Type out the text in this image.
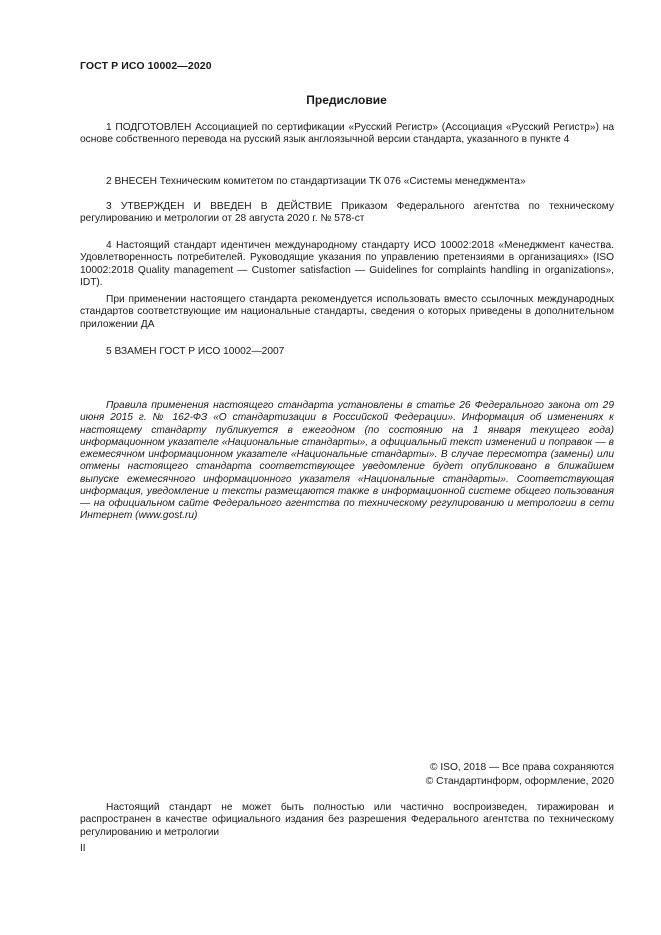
ГОСТ Р ИСО 10002—2020
Предисловие

1 ПОДГОТОВЛЕН Ассоциацией по сертификации «Русский Регистр» (Ассоциация «Русский Регистр») на основе собственного перевода на русский язык англоязычной версии стандарта, указанного в пункте 4

2 ВНЕСЕН Техническим комитетом по стандартизации ТК 076 «Системы менеджмента»

3 УТВЕРЖДЕН И ВВЕДЕН В ДЕЙСТВИЕ Приказом Федерального агентства по техническому регулированию и метрологии от 28 августа 2020 г. № 578-ст

4 Настоящий стандарт идентичен международному стандарту ИСО 10002:2018 «Менеджмент качества. Удовлетворенность потребителей. Руководящие указания по управлению претензиями в организациях» (ISO 10002:2018 Quality management — Customer satisfaction — Guidelines for complaints handling in organizations», IDT).

При применении настоящего стандарта рекомендуется использовать вместо ссылочных международных стандартов соответствующие им национальные стандарты, сведения о которых приведены в дополнительном приложении ДА

5 ВЗАМЕН ГОСТ Р ИСО 10002—2007

Правила применения настоящего стандарта установлены в статье 26 Федерального закона от 29 июня 2015 г. № 162-ФЗ «О стандартизации в Российской Федерации». Информация об изменениях к настоящему стандарту публикуется в ежегодном (по состоянию на 1 января текущего года) информационном указателе «Национальные стандарты», а официальный текст изменений и поправок — в ежемесячном информационном указателе «Национальные стандарты». В случае пересмотра (замены) или отмены настоящего стандарта соответствующее уведомление будет опубликовано в ближайшем выпуске ежемесячного информационного указателя «Национальные стандарты». Соответствующая информация, уведомление и тексты размещаются также в информационной системе общего пользования — на официальном сайте Федерального агентства по техническому регулированию и метрологии в сети Интернет (www.gost.ru)

© ISO, 2018 — Все права сохраняются
© Стандартинформ, оформление, 2020

Настоящий стандарт не может быть полностью или частично воспроизведен, тиражирован и распространен в качестве официального издания без разрешения Федерального агентства по техническому регулированию и метрологии

II
